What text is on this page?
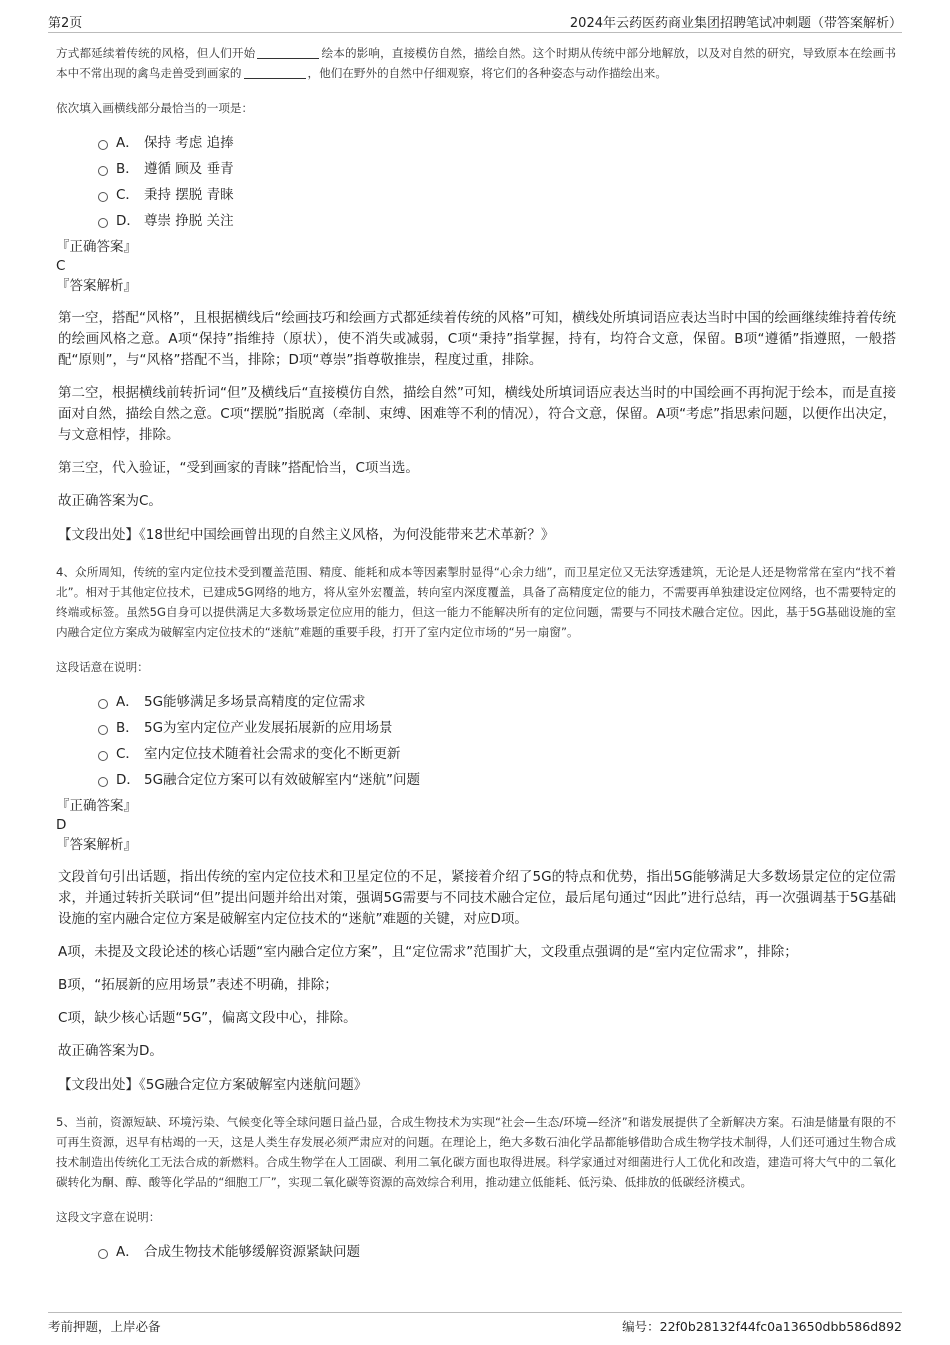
第2页	2024年云药医药商业集团招聘笔试冲刺题（带答案解析）

方式都延续着传统的风格，但人们开始	绘本的影响，直接模仿自然，描绘自然。这个时期从传统中部分地解放，以及对自然的研究，导致原本在绘画书本中不常出现的禽鸟走兽受到画家的	，他们在野外的自然中仔细观察，将它们的各种姿态与动作描绘出来。

依次填入画横线部分最恰当的一项是：

A． 保持 考虑 追捧
B． 遵循 顾及 垂青
C． 秉持 摆脱 青睐
D． 尊崇 挣脱 关注

『正确答案』

C

『答案解析』

第一空，搭配“风格”，且根据横线后“绘画技巧和绘画方式都延续着传统的风格”可知，横线处所填词语应表达当时中国的绘画继续维持着传统的绘画风格之意。A项“保持”指维持（原状），使不消失或减弱，C项“秉持”指掌握，持有，均符合文意，保留。B项“遵循”指遵照，一般搭配“原则”，与“风格”搭配不当，排除；D项“尊崇”指尊敬推崇，程度过重，排除。

第二空，根据横线前转折词“但”及横线后“直接模仿自然，描绘自然”可知，横线处所填词语应表达当时的中国绘画不再拘泥于绘本，而是直接面对自然，描绘自然之意。C项“摆脱”指脱离（牵制、束缚、困难等不利的情况），符合文意，保留。A项“考虑”指思索问题，以便作出决定，与文意相悖，排除。

第三空，代入验证，“受到画家的青睐”搭配恰当，C项当选。

故正确答案为C。

【文段出处】《18世纪中国绘画曾出现的自然主义风格，为何没能带来艺术革新？》

4、众所周知，传统的室内定位技术受到覆盖范围、精度、能耗和成本等因素掣肘显得“心余力绌”，而卫星定位又无法穿透建筑，无论是人还是物常常在室内“找不着北”。相对于其他定位技术，已建成5G网络的地方，将从室外宏覆盖，转向室内深度覆盖，具备了高精度定位的能力，不需要再单独建设定位网络，也不需要特定的终端或标签。虽然5G自身可以提供满足大多数场景定位应用的能力，但这一能力不能解决所有的定位问题，需要与不同技术融合定位。因此，基于5G基础设施的室内融合定位方案成为破解室内定位技术的“迷航”难题的重要手段，打开了室内定位市场的“另一扇窗”。

这段话意在说明：

A． 5G能够满足多场景高精度的定位需求
B． 5G为室内定位产业发展拓展新的应用场景
C． 室内定位技术随着社会需求的变化不断更新
D． 5G融合定位方案可以有效破解室内“迷航”问题

『正确答案』

D

『答案解析』

文段首句引出话题，指出传统的室内定位技术和卫星定位的不足，紧接着介绍了5G的特点和优势，指出5G能够满足大多数场景定位的定位需求，并通过转折关联词“但”提出问题并给出对策，强调5G需要与不同技术融合定位，最后尾句通过“因此”进行总结，再一次强调基于5G基础设施的室内融合定位方案是破解室内定位技术的“迷航”难题的关键，对应D项。

A项，未提及文段论述的核心话题“室内融合定位方案”，且“定位需求”范围扩大，文段重点强调的是“室内定位需求”，排除；

B项，“拓展新的应用场景”表述不明确，排除；

C项，缺少核心话题“5G”，偏离文段中心，排除。

故正确答案为D。

【文段出处】《5G融合定位方案破解室内迷航问题》

5、当前，资源短缺、环境污染、气候变化等全球问题日益凸显，合成生物技术为实现“社会—生态/环境—经济”和谐发展提供了全新解决方案。石油是储量有限的不可再生资源，迟早有枯竭的一天，这是人类生存发展必须严肃应对的问题。在理论上，绝大多数石油化学品都能够借助合成生物学技术制得，人们还可通过生物合成技术制造出传统化工无法合成的新燃料。合成生物学在人工固碳、利用二氧化碳方面也取得进展。科学家通过对细菌进行人工优化和改造，建造可将大气中的二氧化碳转化为酮、醇、酸等化学品的“细胞工厂”，实现二氧化碳等资源的高效综合利用，推动建立低能耗、低污染、低排放的低碳经济模式。

这段文字意在说明：

A． 合成生物技术能够缓解资源紧缺问题
考前押题，上岸必备	编号：22f0b28132f44fc0a13650dbb586d892
